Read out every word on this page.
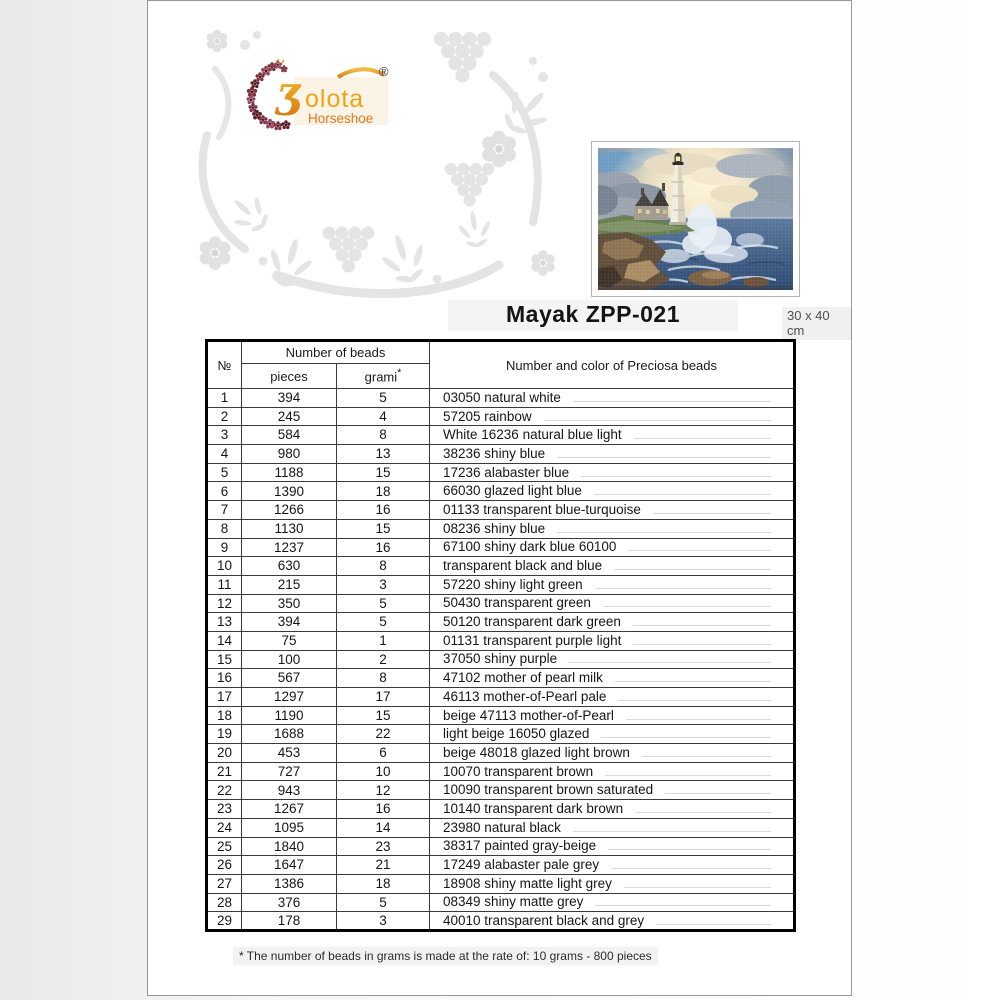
Ʒ olota
Horseshoe
®
Mayak ZPP-021	30 x 40 cm
№	Number of beads		Number and color of Preciosa beads
	pieces	grami*
1	394	5	03050 natural white

2	245	4	57205 rainbow

3	584	8	White 16236 natural blue light

4	980	13	38236 shiny blue

5	1188	15	17236 alabaster blue

6	1390	18	66030 glazed light blue

7	1266	16	01133 transparent blue-turquoise

8	1130	15	08236 shiny blue

9	1237	16	67100 shiny dark blue 60100

10	630	8	transparent black and blue

11	215	3	57220 shiny light green

12	350	5	50430 transparent green

13	394	5	50120 transparent dark green

14	75	1	01131 transparent purple light

15	100	2	37050 shiny purple

16	567	8	47102 mother of pearl milk

17	1297	17	46113 mother-of-Pearl pale

18	1190	15	beige 47113 mother-of-Pearl

19	1688	22	light beige 16050 glazed

20	453	6	beige 48018 glazed light brown

21	727	10	10070 transparent brown

22	943	12	10090 transparent brown saturated

23	1267	16	10140 transparent dark brown

24	1095	14	23980 natural black

25	1840	23	38317 painted gray-beige

26	1647	21	17249 alabaster pale grey

27	1386	18	18908 shiny matte light grey

28	376	5	08349 shiny matte grey

29	178	3	40010 transparent black and grey
* The number of beads in grams is made at the rate of: 10 grams - 800 pieces
